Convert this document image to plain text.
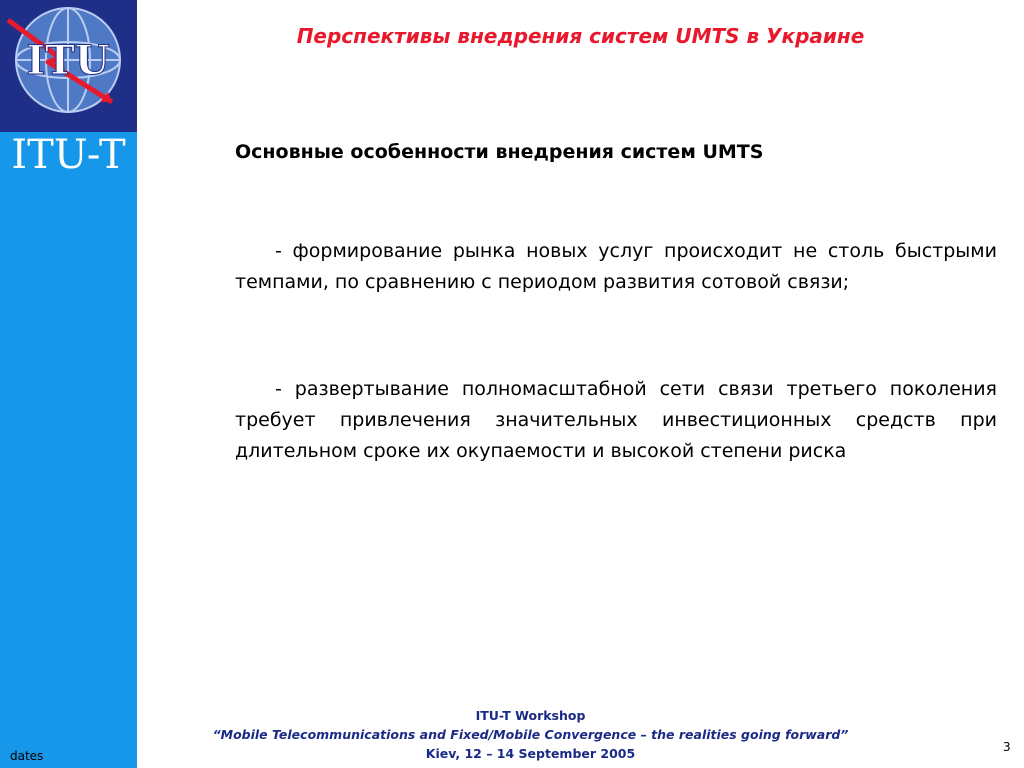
ITU
ITU-T
dates
Перспективы внедрения систем UMTS в Украине
Основные особенности внедрения систем UMTS
- формирование рынка новых услуг происходит не столь быстрыми темпами, по сравнению с периодом развития сотовой связи;
- развертывание полномасштабной сети связи третьего поколения требует привлечения значительных инвестиционных средств при длительном сроке их окупаемости и высокой степени риска
ITU-T Workshop
“Mobile Telecommunications and Fixed/Mobile Convergence – the realities going forward”
Kiev, 12 – 14 September 2005	3
